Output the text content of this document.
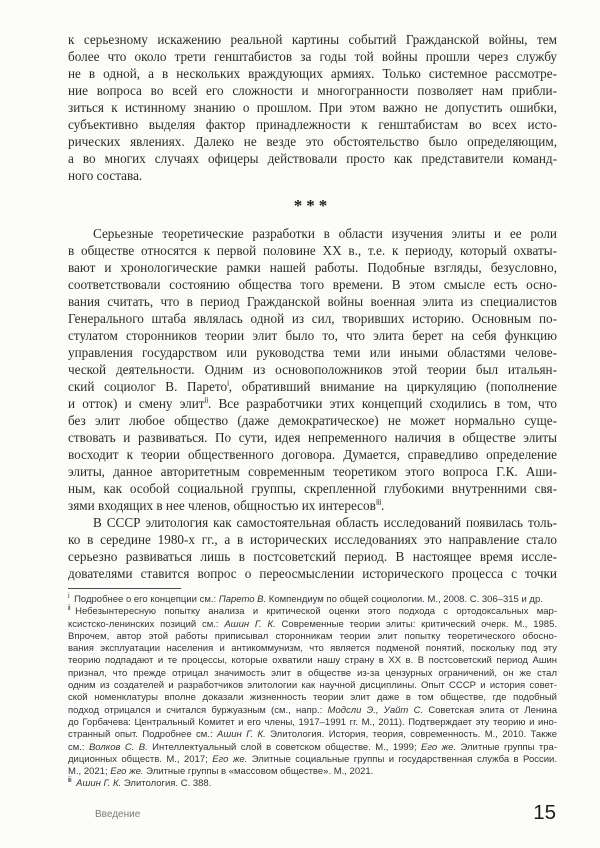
к серьезному искажению реальной картины событий Гражданской войны, тем
более что около трети генштабистов за годы той войны прошли через службу
не в одной, а в нескольких враждующих армиях. Только системное рассмотре-
ние вопроса во всей его сложности и многогранности позволяет нам прибли-
зиться к истинному знанию о прошлом. При этом важно не допустить ошибки,
субъективно выделяя фактор принадлежности к генштабистам во всех исто-
рических явлениях. Далеко не везде это обстоятельство было определяющим,
а во многих случаях офицеры действовали просто как представители команд-
ного состава.
***
Серьезные теоретические разработки в области изучения элиты и ее роли
в обществе относятся к первой половине XX в., т.е. к периоду, который охваты-
вают и хронологические рамки нашей работы. Подобные взгляды, безусловно,
соответствовали состоянию общества того времени. В этом смысле есть осно-
вания считать, что в период Гражданской войны военная элита из специалистов
Генерального штаба являлась одной из сил, творивших историю. Основным по-
стулатом сторонников теории элит было то, что элита берет на себя функцию
управления государством или руководства теми или иными областями челове-
ческой деятельности. Одним из основоположников этой теории был итальян-
ский социолог В. Парето$^i$, обративший внимание на циркуляцию (пополнение
и отток) и смену элит$^{ii}$. Все разработчики этих концепций сходились в том, что
без элит любое общество (даже демократическое) не может нормально суще-
ствовать и развиваться. По сути, идея непременного наличия в обществе элиты
восходит к теории общественного договора. Думается, справедливо определение
элиты, данное авторитетным современным теоретиком этого вопроса Г.К. Аши-
ным, как особой социальной группы, скрепленной глубокими внутренними свя-
зями входящих в нее членов, общностью их интересов$^{iii}$.
В СССР элитология как самостоятельная область исследований появилась толь-
ко в середине 1980-х гг., а в исторических исследованиях это направление стало
серьезно развиваться лишь в постсоветский период. В настоящее время иссле-
дователями ставится вопрос о переосмыслении исторического процесса с точки
$^i$ Подробнее о его концепции см.: Парето В. Компендиум по общей социологии. М., 2008. С. 306–315 и др.
$^{ii}$ Небезынтересную попытку анализа и критической оценки этого подхода с ортодоксальных мар-
ксистско-ленинских позиций см.: Ашин Г. К. Современные теории элиты: критический очерк. М., 1985.
Впрочем, автор этой работы приписывал сторонникам теории элит попытку теоретического обосно-
вания эксплуатации населения и антикоммунизм, что является подменой понятий, поскольку под эту
теорию подпадают и те процессы, которые охватили нашу страну в XX в. В постсоветский период Ашин
признал, что прежде отрицал значимость элит в обществе из-за цензурных ограничений, он же стал
одним из создателей и разработчиков элитологии как научной дисциплины. Опыт СССР и история совет-
ской номенклатуры вполне доказали жизненность теории элит даже в том обществе, где подобный
подход отрицался и считался буржуазным (см., напр.: Модсли Э., Уайт С. Советская элита от Ленина
до Горбачева: Центральный Комитет и его члены, 1917–1991 гг. М., 2011). Подтверждает эту теорию и ино-
странный опыт. Подробнее см.: Ашин Г. К. Элитология. История, теория, современность. М., 2010. Также
см.: Волков С. В. Интеллектуальный слой в советском обществе. М., 1999; Его же. Элитные группы тра-
диционных обществ. М., 2017; Его же. Элитные социальные группы и государственная служба в России.
М., 2021; Его же. Элитные группы в «массовом обществе». М., 2021.
$^{iii}$ Ашин Г. К. Элитология. С. 388.
Введение	15
